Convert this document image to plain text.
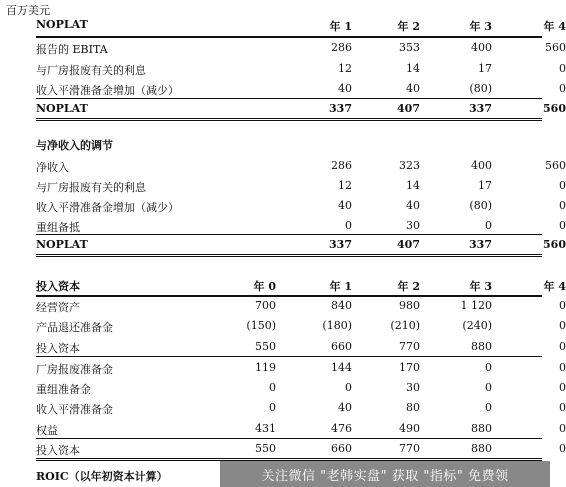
百万美元
NOPLAT	年 1	年 2	年 3	年 4
报告的 EBITA	286	353	400	560
与厂房报废有关的利息	12	14	17	0
收入平滑准备金增加（减少）	40	40	(80)	0
NOPLAT	337	407	337	560
与净收入的调节
净收入	286	323	400	560
与厂房报废有关的利息	12	14	17	0
收入平滑准备金增加（减少）	40	40	(80)	0
重组备抵	0	30	0	0
NOPLAT	337	407	337	560
投入资本	年 0	年 1	年 2	年 3	年 4
经营资产	700	840	980	1 120	0
产品退还准备金	(150)	(180)	(210)	(240)	0
投入资本	550	660	770	880	0
厂房报废准备金	119	144	170	0	0
重组准备金	0	0	30	0	0
收入平滑准备金	0	40	80	0	0
权益	431	476	490	880	0
投入资本	550	660	770	880	0
ROIC（以年初资本计算）	关注微信 "老韩实盘" 获取 "指标" 免费领
